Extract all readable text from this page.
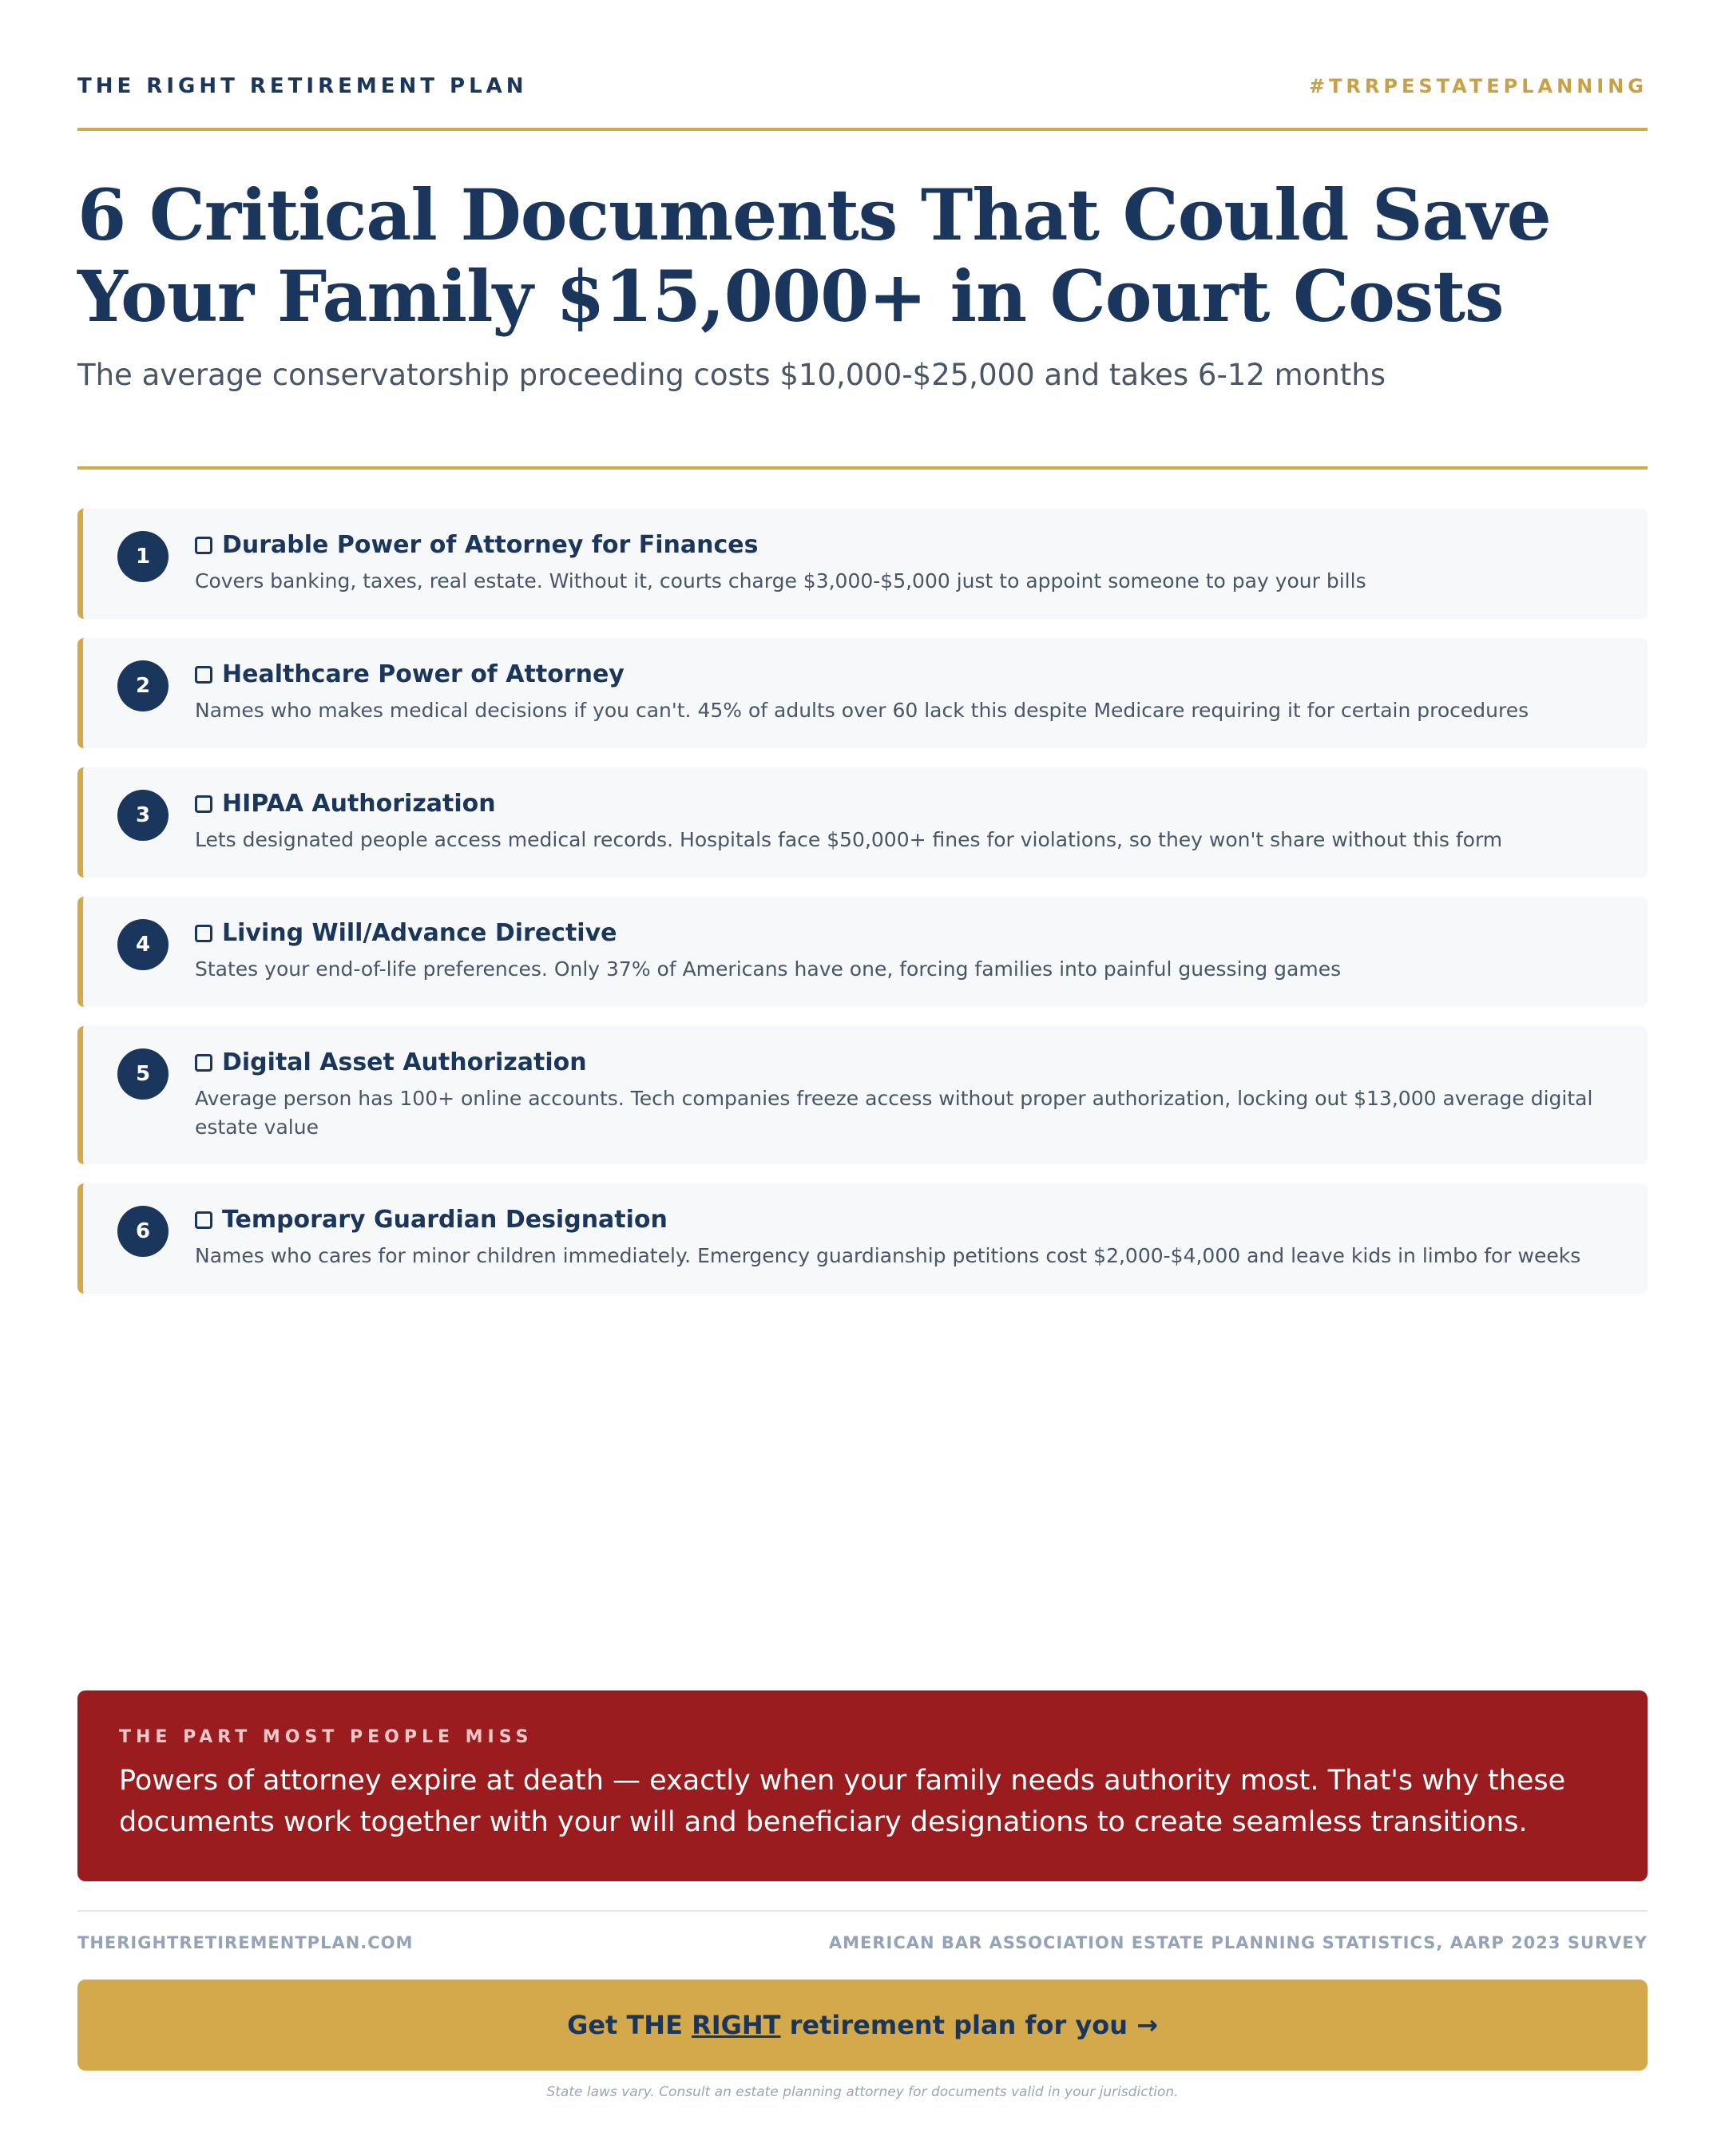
THE RIGHT RETIREMENT PLAN	#TRRPESTATEPLANNING
6 Critical Documents That Could Save Your Family $15,000+ in Court Costs
The average conservatorship proceeding costs $10,000-$25,000 and takes 6-12 months
1	Durable Power of Attorney for Finances
Covers banking, taxes, real estate. Without it, courts charge $3,000-$5,000 just to appoint someone to pay your bills
2	Healthcare Power of Attorney
Names who makes medical decisions if you can't. 45% of adults over 60 lack this despite Medicare requiring it for certain procedures
3	HIPAA Authorization
Lets designated people access medical records. Hospitals face $50,000+ fines for violations, so they won't share without this form
4	Living Will/Advance Directive
States your end-of-life preferences. Only 37% of Americans have one, forcing families into painful guessing games
5	Digital Asset Authorization
Average person has 100+ online accounts. Tech companies freeze access without proper authorization, locking out $13,000 average digital estate value
6	Temporary Guardian Designation
Names who cares for minor children immediately. Emergency guardianship petitions cost $2,000-$4,000 and leave kids in limbo for weeks
THE PART MOST PEOPLE MISS
Powers of attorney expire at death — exactly when your family needs authority most. That's why these documents work together with your will and beneficiary designations to create seamless transitions.
THERIGHTRETIREMENTPLAN.COM	AMERICAN BAR ASSOCIATION ESTATE PLANNING STATISTICS, AARP 2023 SURVEY
Get THE RIGHT retirement plan for you →
State laws vary. Consult an estate planning attorney for documents valid in your jurisdiction.
